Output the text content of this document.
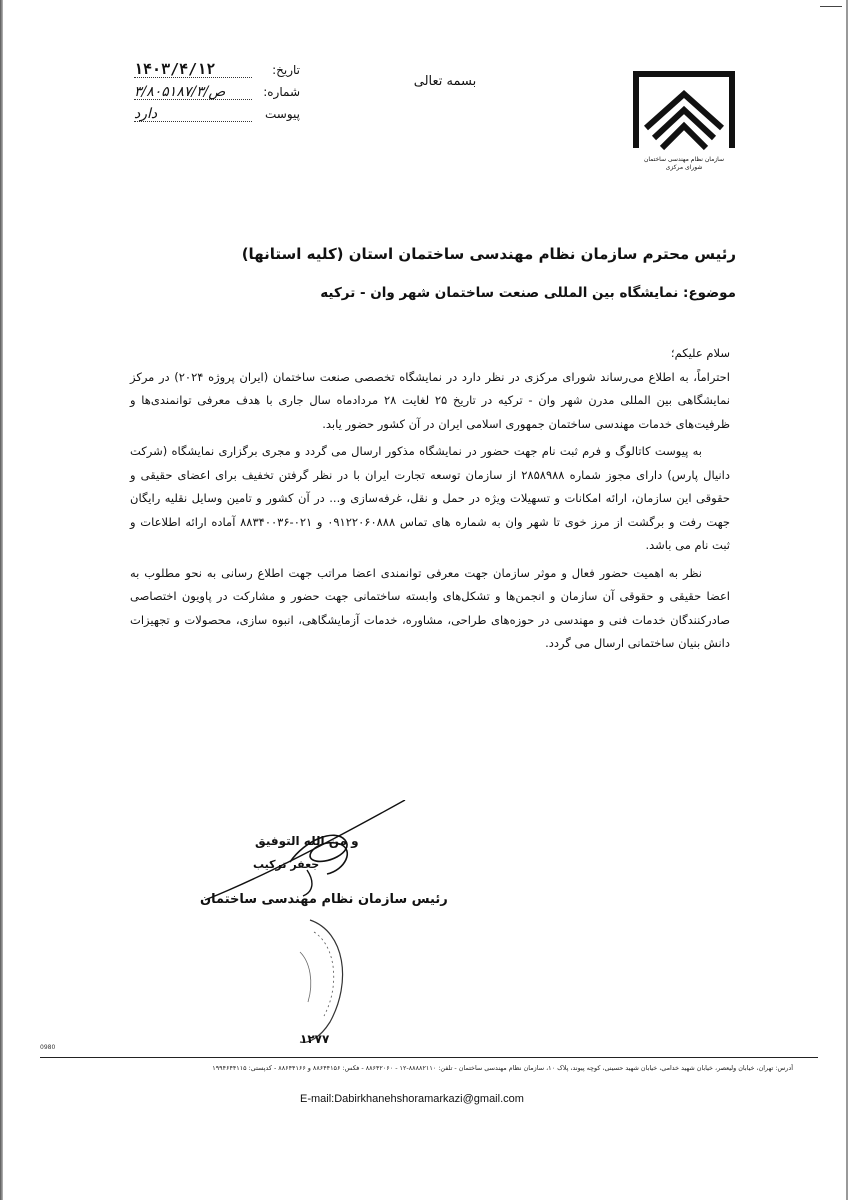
سازمان نظام مهندسی ساختمان
شورای مرکزی
بسمه تعالی
تاریخ:
۱۴۰۳/۴/۱۲
شماره:
۳/۸۰۵۱۸۷/ص/۳
پیوست
دارد
رئیس محترم سازمان نظام مهندسی ساختمان استان (کلیه استانها)
موضوع: نمایشگاه بین المللی صنعت ساختمان شهر وان - ترکیه

سلام علیکم؛

احتراماً، به اطلاع می‌رساند شورای مرکزی در نظر دارد در نمایشگاه تخصصی صنعت ساختمان (ایران پروژه ۲۰۲۴) در مرکز نمایشگاهی بین المللی مدرن شهر وان - ترکیه در تاریخ ۲۵ لغایت ۲۸ مردادماه سال جاری با هدف معرفی توانمندی‌ها و ظرفیت‌های خدمات مهندسی ساختمان جمهوری اسلامی ایران در آن کشور حضور یابد.

به پیوست کاتالوگ و فرم ثبت نام جهت حضور در نمایشگاه مذکور ارسال می گردد و مجری برگزاری نمایشگاه (شرکت دانیال پارس) دارای مجوز شماره ۲۸۵۸۹۸۸ از سازمان توسعه تجارت ایران با در نظر گرفتن تخفیف برای اعضای حقیقی و حقوقی این سازمان، ارائه امکانات و تسهیلات ویژه در حمل و نقل، غرفه‌سازی و... در آن کشور و تامین وسایل نقلیه رایگان جهت رفت و برگشت از مرز خوی تا شهر وان به شماره های تماس ۰۹۱۲۲۰۶۰۸۸۸ و ۰۲۱-۸۸۳۴۰۰۳۶ آماده ارائه اطلاعات و ثبت نام می باشد.

نظر به اهمیت حضور فعال و موثر سازمان جهت معرفی توانمندی اعضا مراتب جهت اطلاع رسانی به نحو مطلوب به اعضا حقیقی و حقوقی آن سازمان و انجمن‌ها و تشکل‌های وابسته ساختمانی جهت حضور و مشارکت در پاویون اختصاصی صادرکنندگان خدمات فنی و مهندسی در حوزه‌های طراحی، مشاوره، خدمات آزمایشگاهی، انبوه سازی، محصولات و تجهیزات دانش بنیان ساختمانی ارسال می گردد.

و من الله التوفیق
جعفر ترکیب
رئیس سازمان نظام مهندسی ساختمان
۱۲۷۷
0980
آدرس: تهران، خیابان ولیعصر، خیابان شهید خدامی، خیابان شهید حسینی، کوچه پیوند، پلاک ۱۰، سازمان نظام مهندسی ساختمان - تلفن: ۸۸۸۸۲۱۱۰-۱۲ - ۸۸۶۴۲۰۶۰ - فکس: ۸۸۶۴۴۱۵۶ و ۸۸۶۴۴۱۶۶ - کدپستی: ۱۹۹۴۶۴۴۱۱۵
E-mail:Dabirkhanehshoramarkazi@gmail.com
